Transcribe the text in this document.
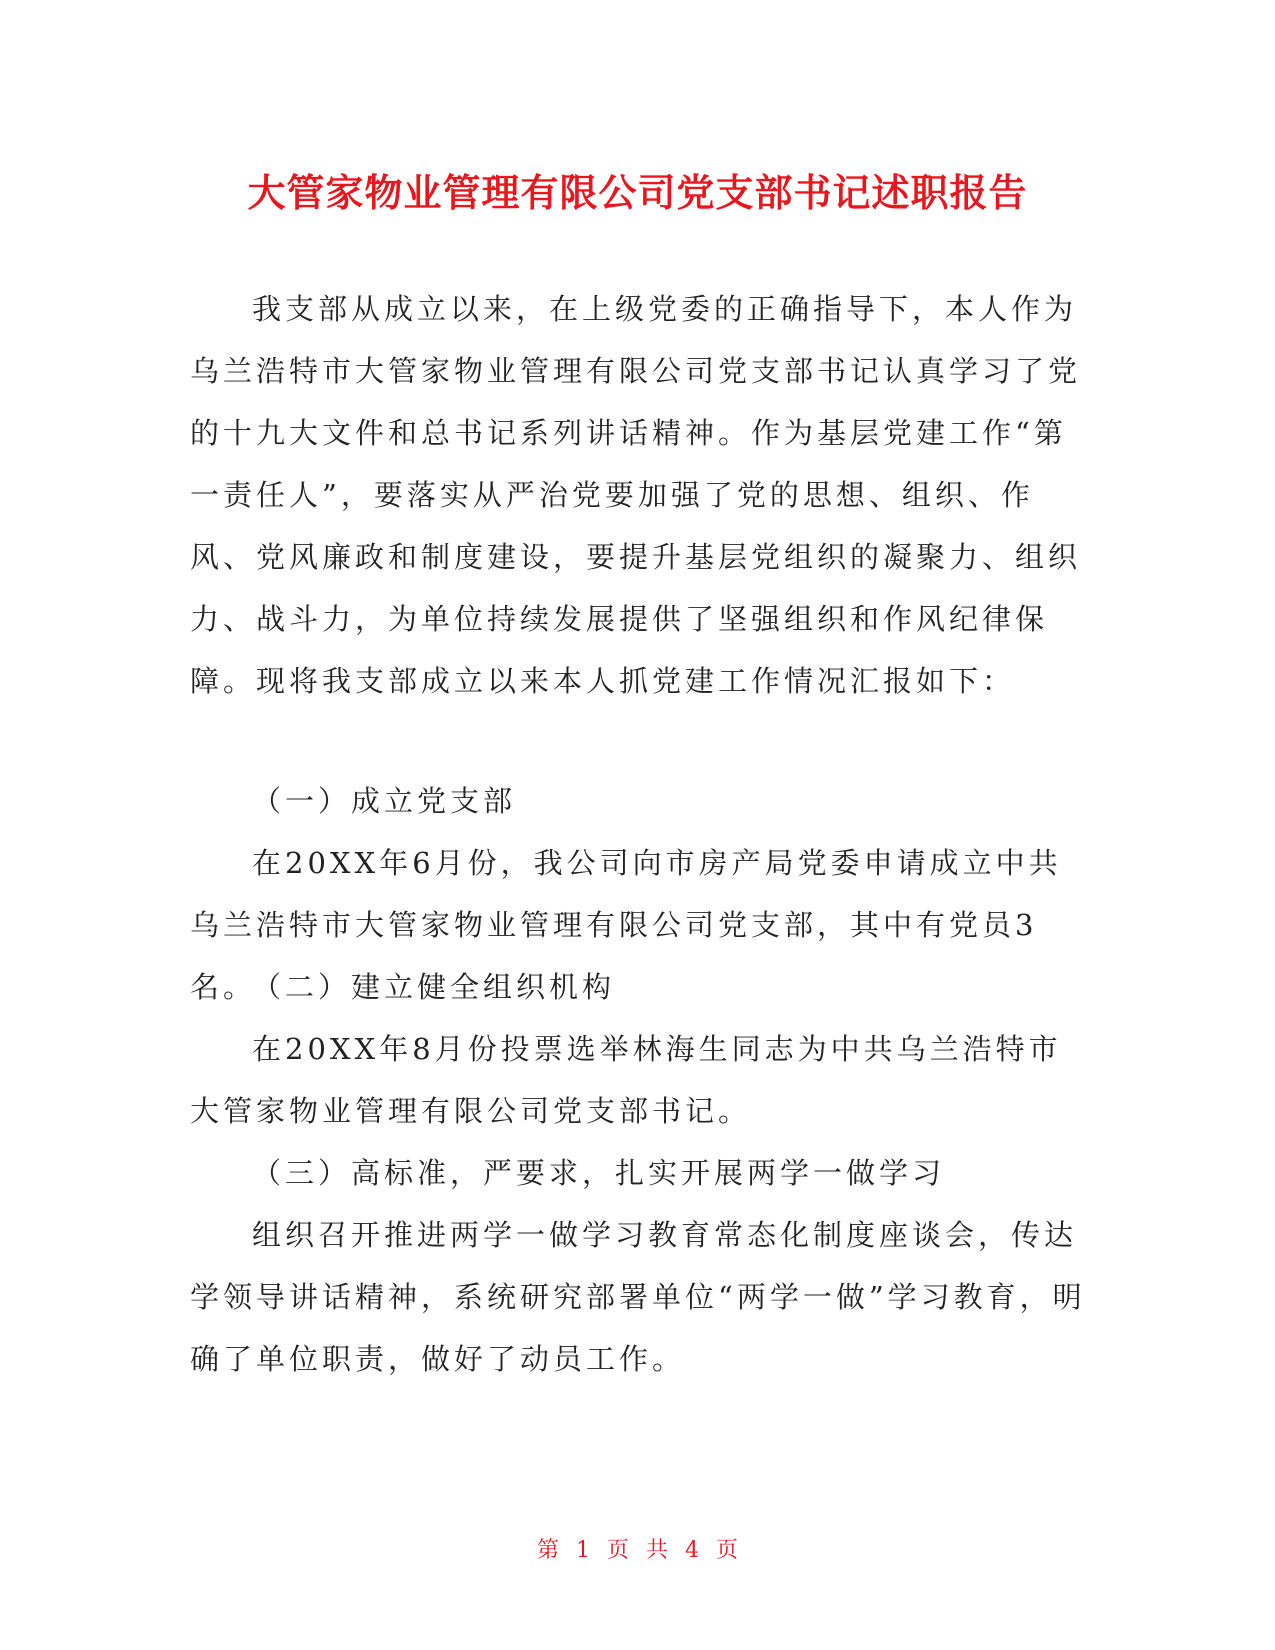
大管家物业管理有限公司党支部书记述职报告

我支部从成立以来，在上级党委的正确指导下，本人作为乌兰浩特市大管家物业管理有限公司党支部书记认真学习了党的十九大文件和总书记系列讲话精神。作为基层党建工作“第一责任人”，要落实从严治党要加强了党的思想、组织、作风、党风廉政和制度建设，要提升基层党组织的凝聚力、组织力、战斗力，为单位持续发展提供了坚强组织和作风纪律保障。现将我支部成立以来本人抓党建工作情况汇报如下：

（一）成立党支部

在20XX年6月份，我公司向市房产局党委申请成立中共乌兰浩特市大管家物业管理有限公司党支部，其中有党员3名。

（二）建立健全组织机构

在20XX年8月份投票选举林海生同志为中共乌兰浩特市大管家物业管理有限公司党支部书记。

（三）高标准，严要求，扎实开展两学一做学习

组织召开推进两学一做学习教育常态化制度座谈会，传达学领导讲话精神，系统研究部署单位“两学一做”学习教育，明确了单位职责，做好了动员工作。

第 1 页 共 4 页
